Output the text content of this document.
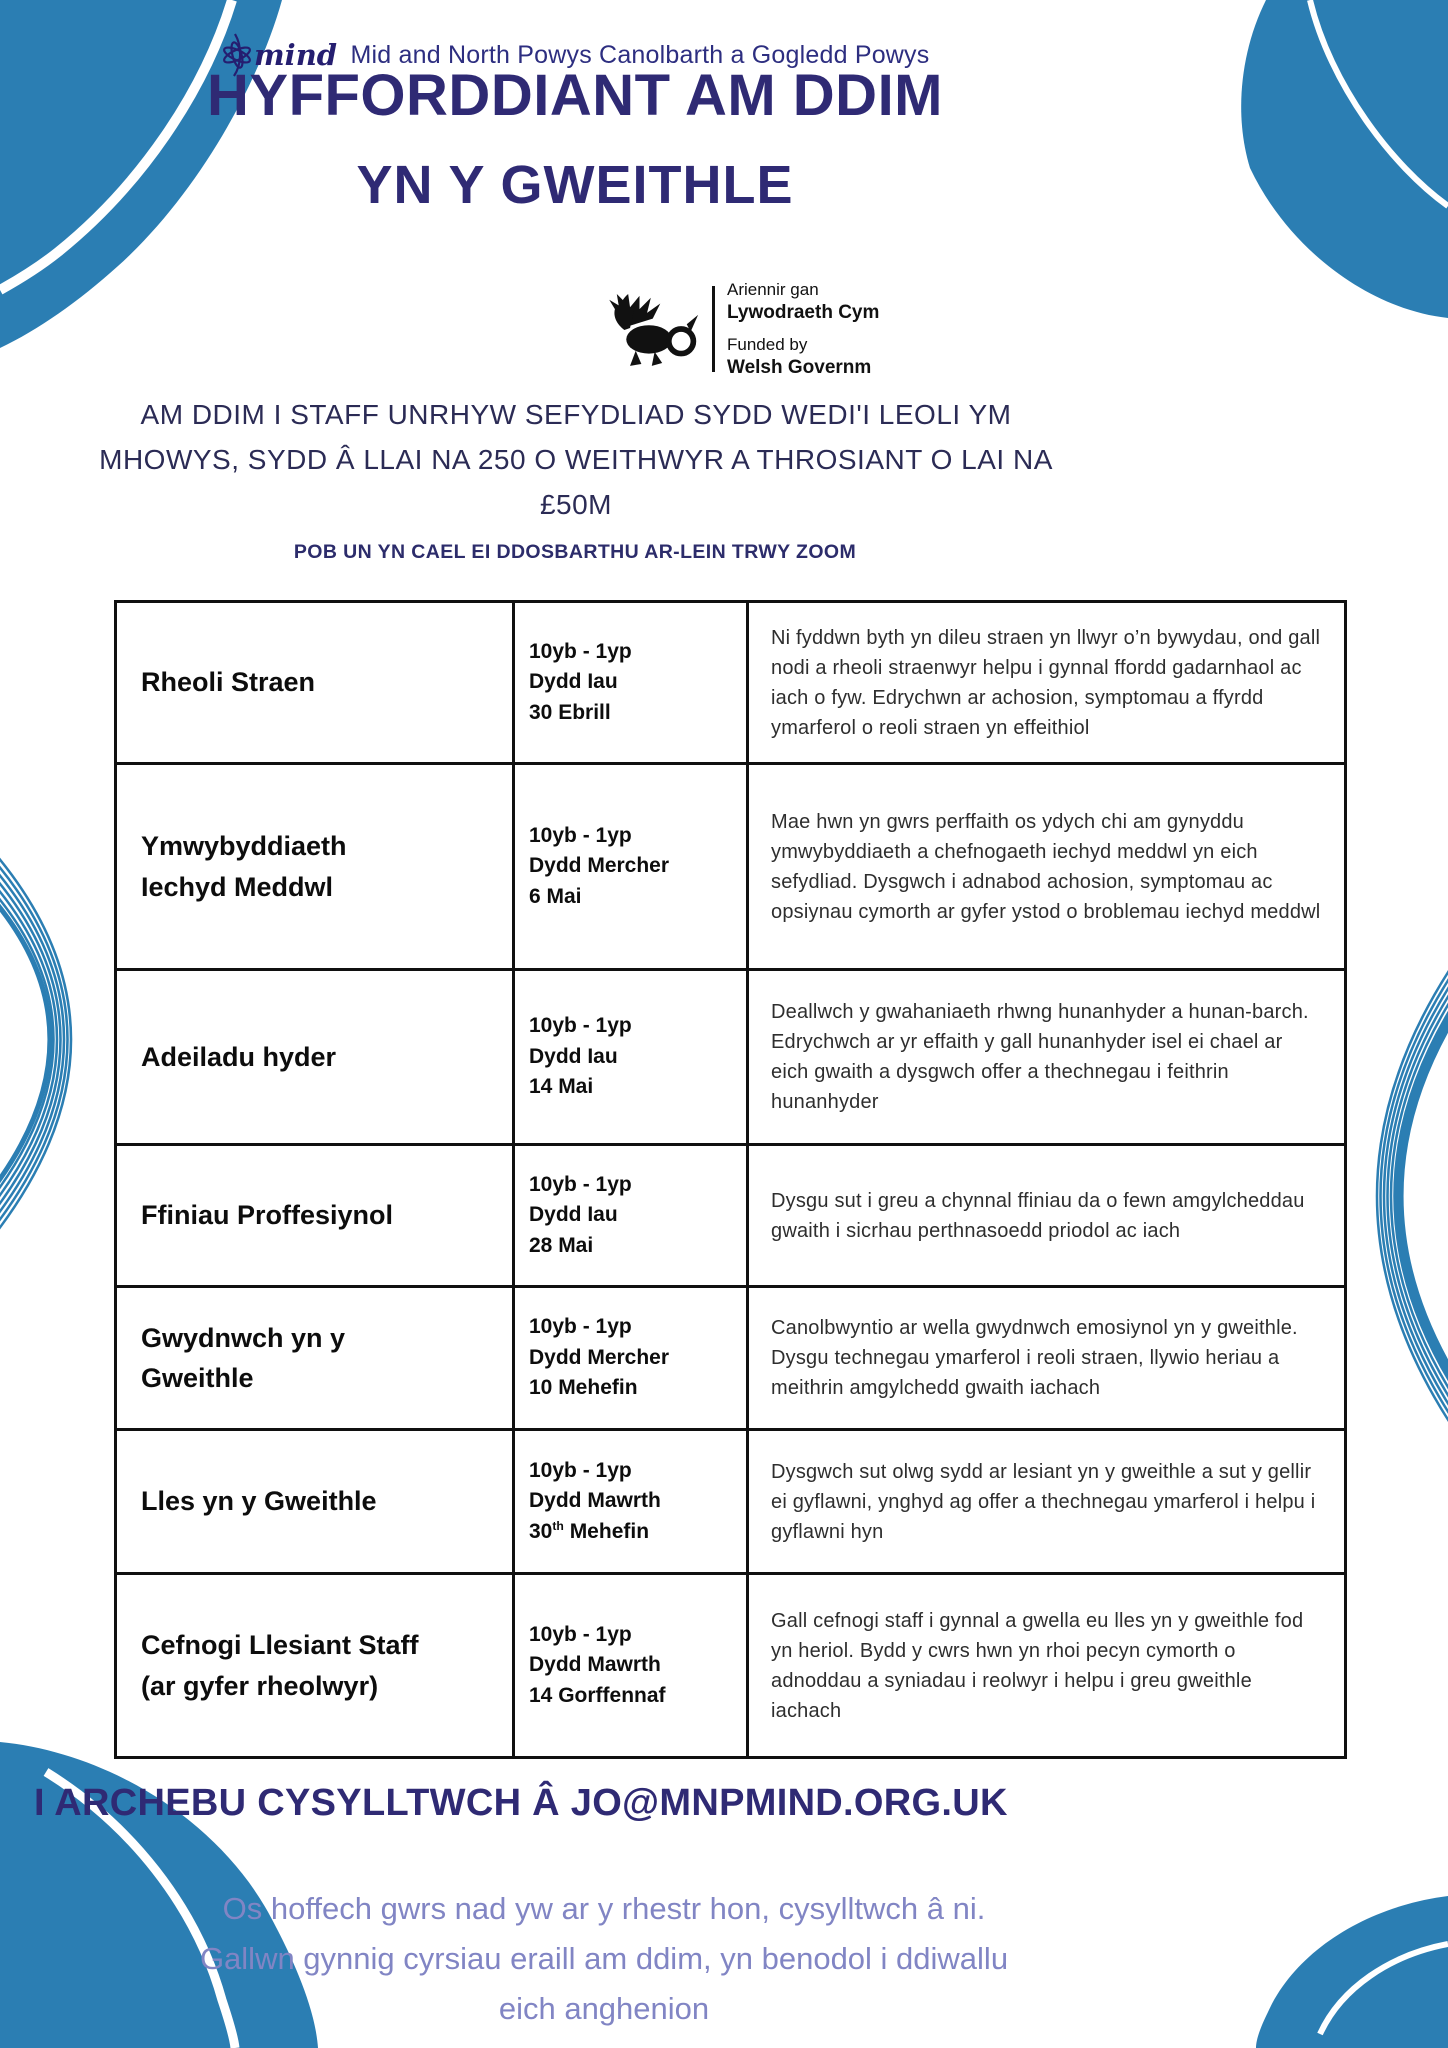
mind Mid and North Powys Canolbarth a Gogledd Powys
HYFFORDDIANT AM DDIM
YN Y GWEITHLE
Ariennir gan
Lywodraeth Cym
Funded by
Welsh Governm
AM DDIM I STAFF UNRHYW SEFYDLIAD SYDD WEDI'I LEOLI YM
MHOWYS, SYDD Â LLAI NA 250 O WEITHWYR A THROSIANT O LAI NA
£50M
POB UN YN CAEL EI DDOSBARTHU AR-LEIN TRWY ZOOM
Rheoli Straen

10yb - 1yp
Dydd Iau
30 Ebrill
	Ni fyddwn byth yn dileu straen yn llwyr o’n bywydau, ond gall nodi a rheoli straenwyr helpu i gynnal ffordd gadarnhaol ac iach o fyw. Edrychwn ar achosion, symptomau a ffyrdd ymarferol o reoli straen yn effeithiol

Ymwybyddiaeth Iechyd Meddwl

10yb - 1yp
Dydd Mercher
6 Mai
	Mae hwn yn gwrs perffaith os ydych chi am gynyddu ymwybyddiaeth a chefnogaeth iechyd meddwl yn eich sefydliad. Dysgwch i adnabod achosion, symptomau ac opsiynau cymorth ar gyfer ystod o broblemau iechyd meddwl

Adeiladu hyder	10yb - 1yp
Dydd Iau
14 Mai	Deallwch y gwahaniaeth rhwng hunanhyder a hunan-barch. Edrychwch ar yr effaith y gall hunanhyder isel ei chael ar eich gwaith a dysgwch offer a thechnegau i feithrin hunanhyder

Ffiniau Proffesiynol	10yb - 1yp
Dydd Iau
28 Mai	Dysgu sut i greu a chynnal ffiniau da o fewn amgylcheddau gwaith i sicrhau perthnasoedd priodol ac iach

Gwydnwch yn y Gweithle	10yb - 1yp
Dydd Mercher
10 Mehefin	Canolbwyntio ar wella gwydnwch emosiynol yn y gweithle. Dysgu technegau ymarferol i reoli straen, llywio heriau a meithrin amgylchedd gwaith iachach

Lles yn y Gweithle	10yb - 1yp
Dydd Mawrth
30th Mehefin	Dysgwch sut olwg sydd ar lesiant yn y gweithle a sut y gellir ei gyflawni, ynghyd ag offer a thechnegau ymarferol i helpu i gyflawni hyn

Cefnogi Llesiant Staff (ar gyfer rheolwyr)	10yb - 1yp
Dydd Mawrth
14 Gorffennaf	Gall cefnogi staff i gynnal a gwella eu lles yn y gweithle fod yn heriol. Bydd y cwrs hwn yn rhoi pecyn cymorth o adnoddau a syniadau i reolwyr i helpu i greu gweithle iachach
I ARCHEBU CYSYLLTWCH Â JO@MNPMIND.ORG.UK
Os hoffech gwrs nad yw ar y rhestr hon, cysylltwch â ni.
Gallwn gynnig cyrsiau eraill am ddim, yn benodol i ddiwallu
eich anghenion
